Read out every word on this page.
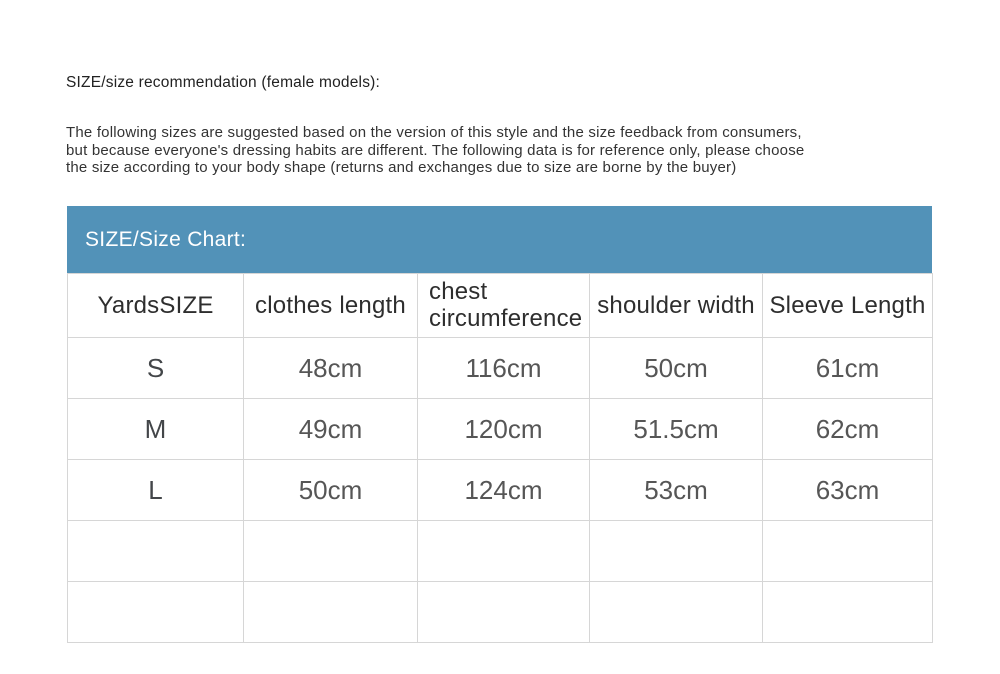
SIZE/size recommendation (female models):
The following sizes are suggested based on the version of this style and the size feedback from consumers,
but because everyone's dressing habits are different. The following data is for reference only, please choose
the size according to your body shape (returns and exchanges due to size are borne by the buyer)
SIZE/Size Chart:
YardsSIZE	clothes length	chest circumference	shoulder width	Sleeve Length
S	48cm	116cm	50cm	61cm
M	49cm	120cm	51.5cm	62cm
L	50cm	124cm	53cm	63cm
